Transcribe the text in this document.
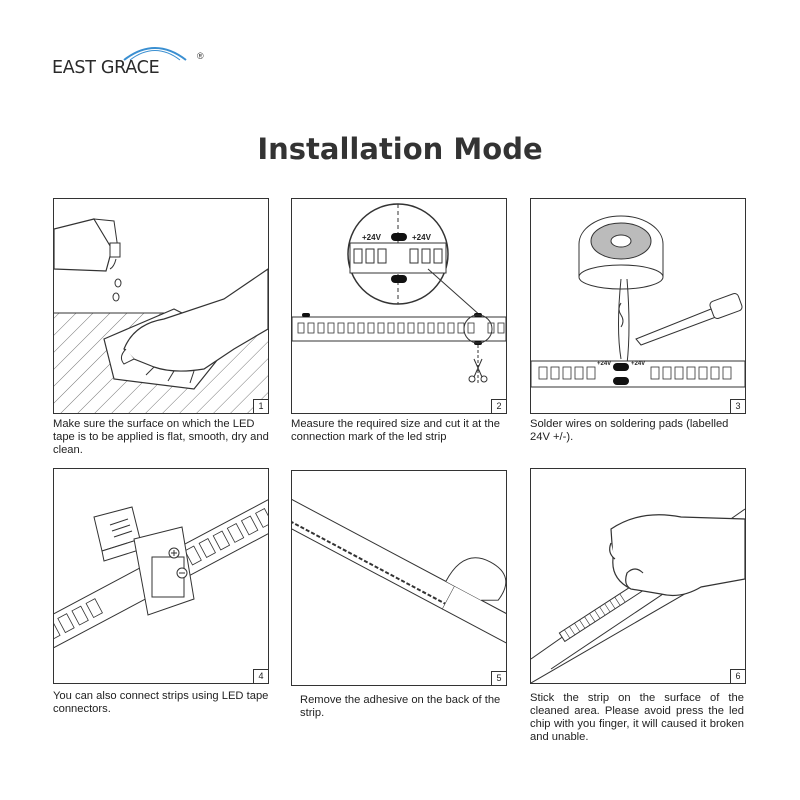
EAST GRACE
®
Installation Mode
1
Make sure the surface on which the LED tape is to be applied is flat, smooth, dry and clean.
+24V	+24V
2
Measure the required size and cut it at the connection mark of the led strip
+24V	+24V
3
Solder wires on soldering pads (labelled 24V +/-).
4
You can also connect strips using LED tape connectors.
5
Remove the adhesive on the back of the strip.
6
Stick the strip on the surface of the cleaned area. Please avoid press the led chip with you finger, it will caused it broken and unable.
